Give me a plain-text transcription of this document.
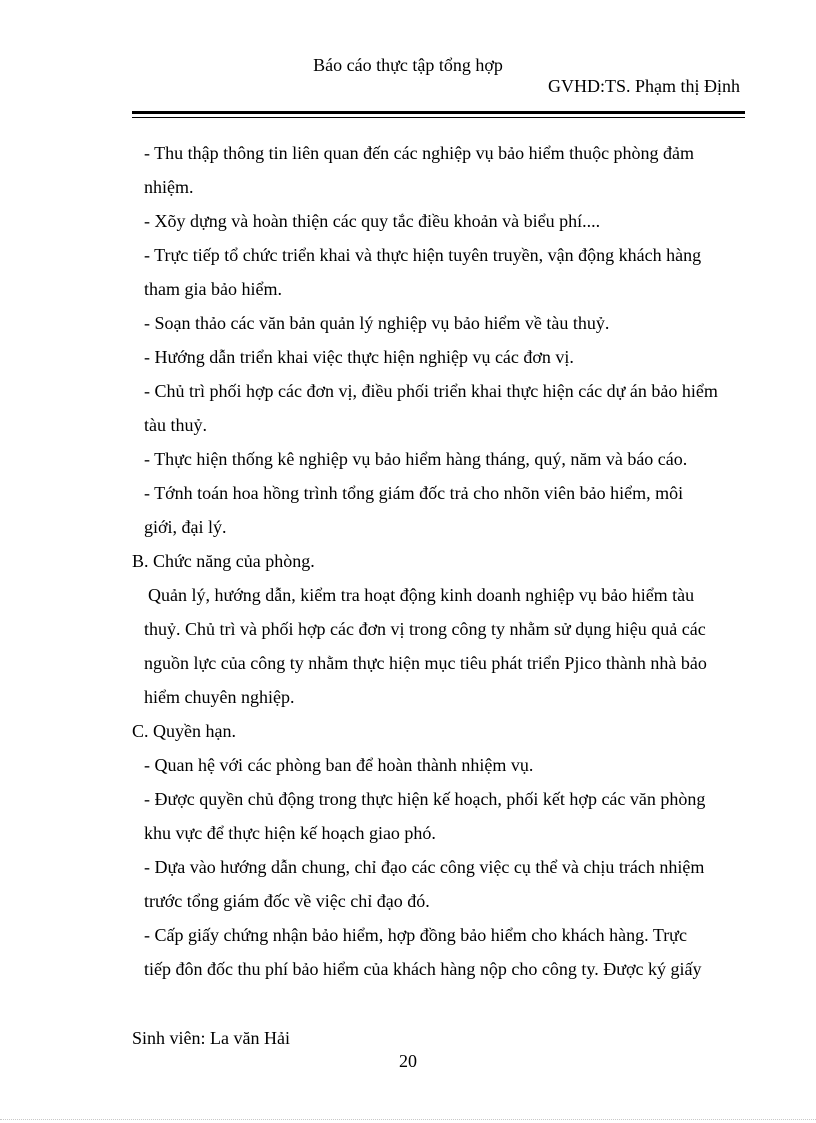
Báo cáo thực tập tổng hợp
GVHD:TS. Phạm thị Định
- Thu thập thông tin liên quan đến các nghiệp vụ bảo hiểm thuộc phòng đảm
nhiệm.
- Xõy dựng và hoàn thiện các quy tắc điều khoản và biểu phí....
- Trực tiếp tổ chức triển khai và thực hiện tuyên truyền, vận động khách hàng
tham gia bảo hiểm.
- Soạn thảo các văn bản quản lý nghiệp vụ bảo hiểm về tàu thuỷ.
- Hướng dẫn triển khai việc thực hiện nghiệp vụ các đơn vị.
- Chủ trì phối hợp các đơn vị, điều phối triển khai thực hiện các dự án bảo hiểm
tàu thuỷ.
- Thực hiện thống kê nghiệp vụ bảo hiểm hàng tháng, quý, năm và báo cáo.
- Tớnh toán hoa hồng trình tổng giám đốc trả cho nhõn viên bảo hiểm, môi
giới, đại lý.
B. Chức năng của phòng.
Quản lý, hướng dẫn, kiểm tra hoạt động kinh doanh nghiệp vụ bảo hiểm tàu
thuỷ. Chủ trì và phối hợp các đơn vị trong công ty nhằm sử dụng hiệu quả các
nguồn lực của công ty nhằm thực hiện mục tiêu phát triển Pjico thành nhà bảo
hiểm chuyên nghiệp.
C. Quyền hạn.
- Quan hệ với các phòng ban để hoàn thành nhiệm vụ.
- Được quyền chủ động trong thực hiện kế hoạch, phối kết hợp các văn phòng
khu vực để thực hiện kế hoạch giao phó.
- Dựa vào hướng dẫn chung, chỉ đạo các công việc cụ thể và chịu trách nhiệm
trước tổng giám đốc về việc chỉ đạo đó.
- Cấp giấy chứng nhận bảo hiểm, hợp đồng bảo hiểm cho khách hàng. Trực
tiếp đôn đốc thu phí bảo hiểm của khách hàng nộp cho công ty. Được ký giấy
Sinh viên: La văn Hải
20
